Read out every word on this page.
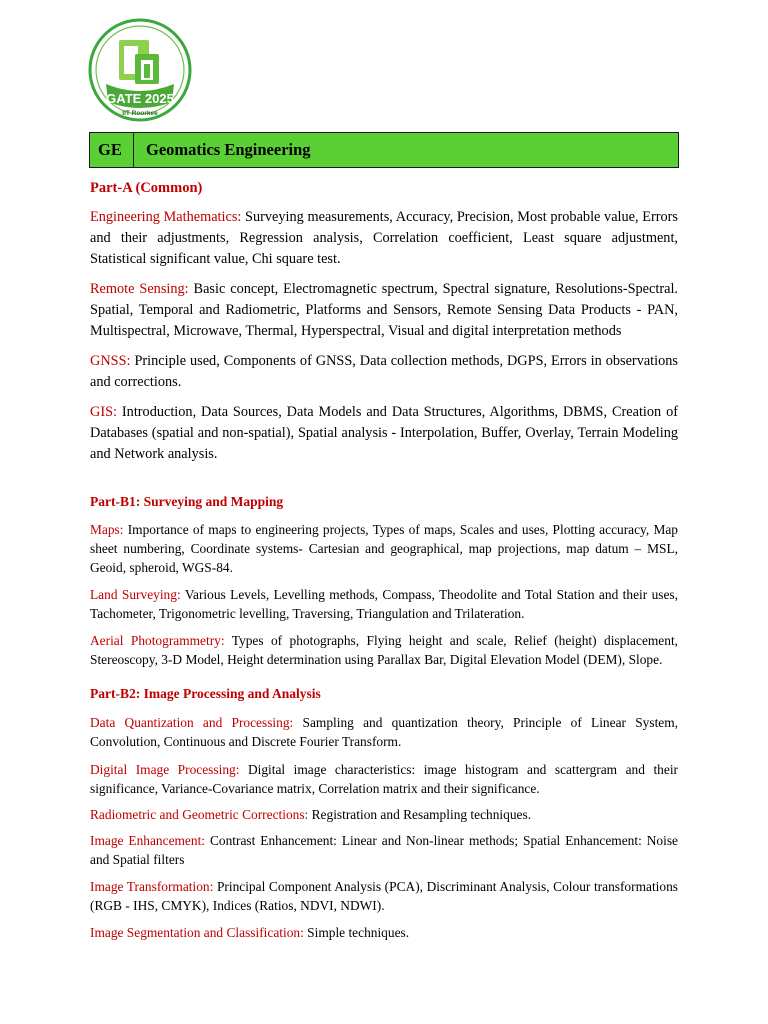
GATE 2025
IIT Roorkee
GE	Geomatics Engineering

Part-A (Common)

Engineering Mathematics: Surveying measurements, Accuracy, Precision, Most probable value, Errors and their adjustments, Regression analysis, Correlation coefficient, Least square adjustment, Statistical significant value, Chi square test.

Remote Sensing: Basic concept, Electromagnetic spectrum, Spectral signature, Resolutions-Spectral. Spatial, Temporal and Radiometric, Platforms and Sensors, Remote Sensing Data Products - PAN, Multispectral, Microwave, Thermal, Hyperspectral, Visual and digital interpretation methods

GNSS: Principle used, Components of GNSS, Data collection methods, DGPS, Errors in observations and corrections.

GIS: Introduction, Data Sources, Data Models and Data Structures, Algorithms, DBMS, Creation of Databases (spatial and non-spatial), Spatial analysis - Interpolation, Buffer, Overlay, Terrain Modeling and Network analysis.

Part-B1: Surveying and Mapping

Maps: Importance of maps to engineering projects, Types of maps, Scales and uses, Plotting accuracy, Map sheet numbering, Coordinate systems- Cartesian and geographical, map projections, map datum – MSL, Geoid, spheroid, WGS-84.

Land Surveying: Various Levels, Levelling methods, Compass, Theodolite and Total Station and their uses, Tachometer, Trigonometric levelling, Traversing, Triangulation and Trilateration.

Aerial Photogrammetry: Types of photographs, Flying height and scale, Relief (height) displacement, Stereoscopy, 3-D Model, Height determination using Parallax Bar, Digital Elevation Model (DEM), Slope.

Part-B2: Image Processing and Analysis

Data Quantization and Processing: Sampling and quantization theory, Principle of Linear System, Convolution, Continuous and Discrete Fourier Transform.

Digital Image Processing: Digital image characteristics: image histogram and scattergram and their significance, Variance-Covariance matrix, Correlation matrix and their significance.

Radiometric and Geometric Corrections: Registration and Resampling techniques.

Image Enhancement: Contrast Enhancement: Linear and Non-linear methods; Spatial Enhancement: Noise and Spatial filters

Image Transformation: Principal Component Analysis (PCA), Discriminant Analysis, Colour transformations (RGB - IHS, CMYK), Indices (Ratios, NDVI, NDWI).

Image Segmentation and Classification: Simple techniques.
